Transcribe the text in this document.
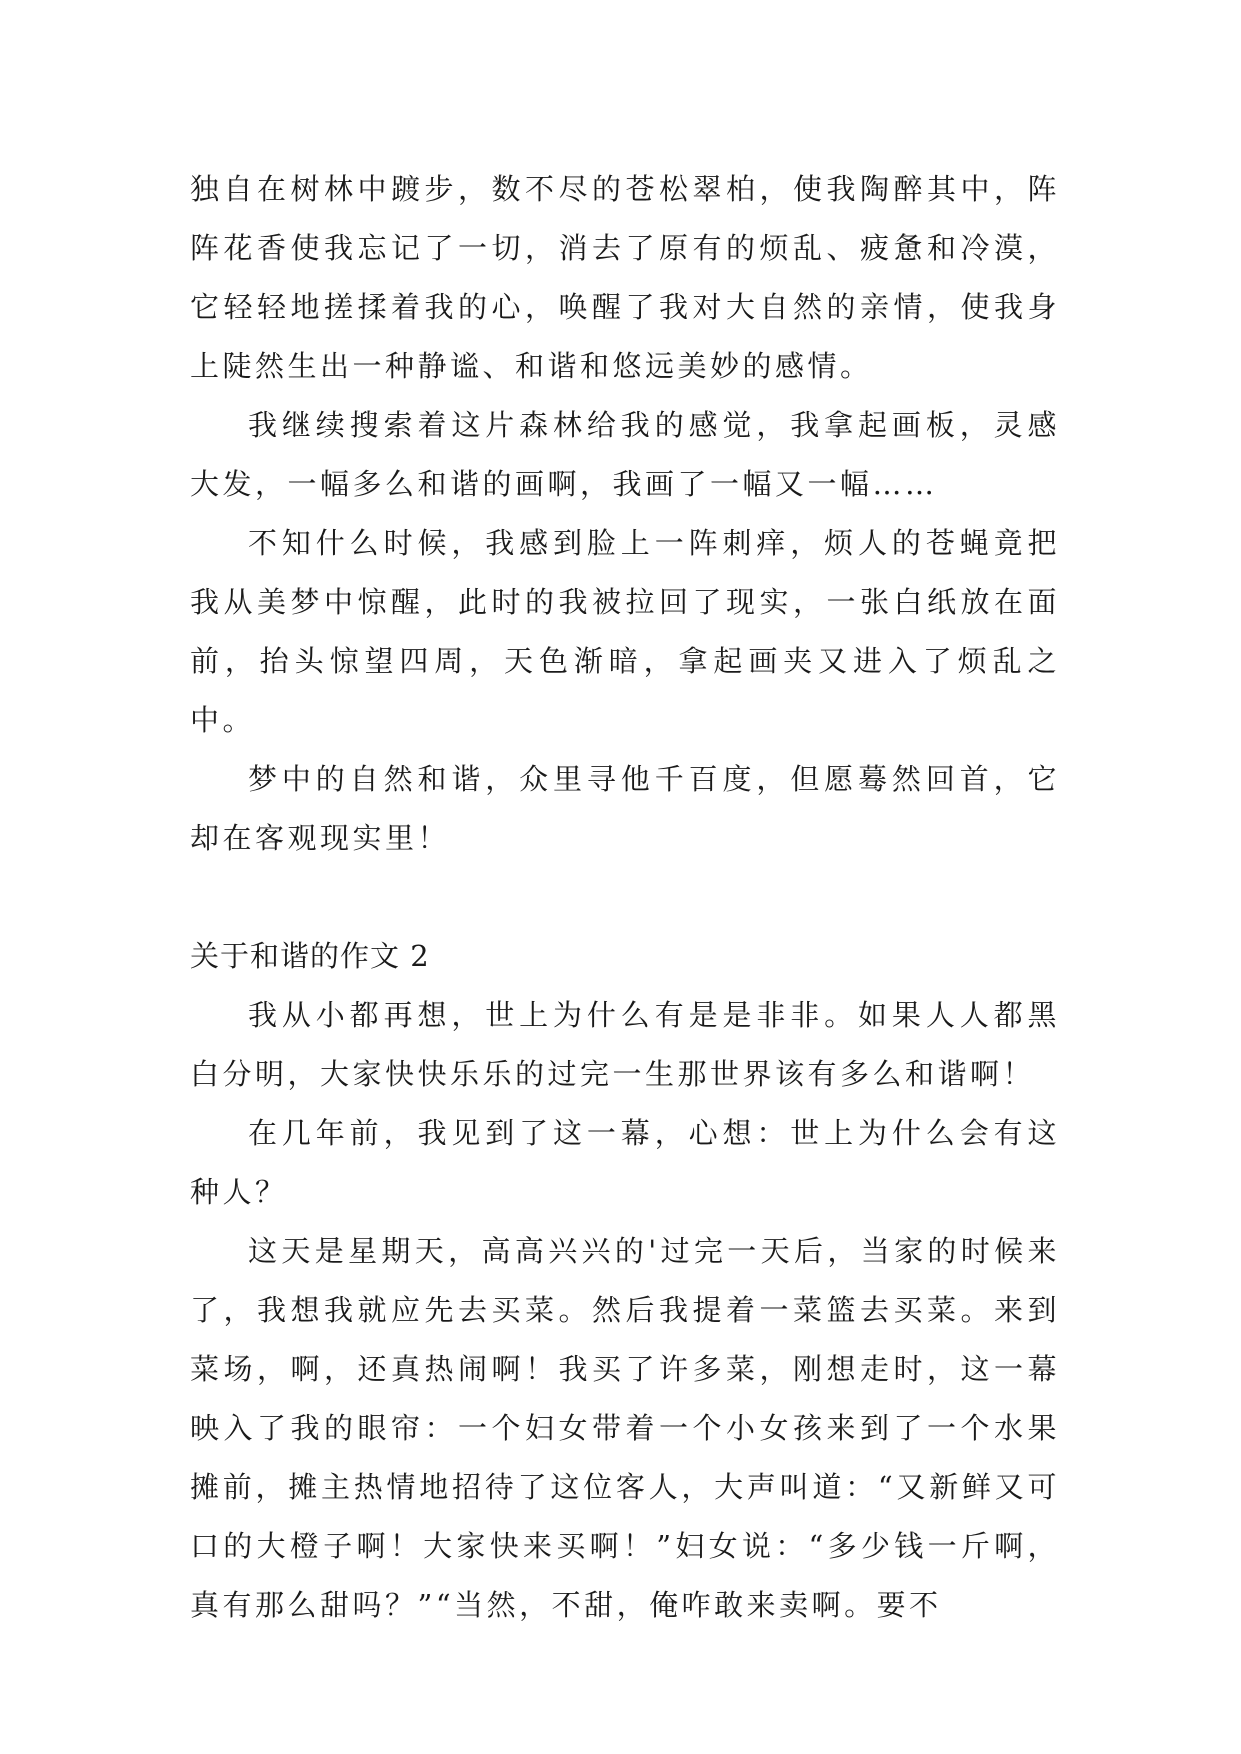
独自在树林中踱步，数不尽的苍松翠柏，使我陶醉其中，阵阵花香使我忘记了一切，消去了原有的烦乱、疲惫和冷漠，它轻轻地搓揉着我的心，唤醒了我对大自然的亲情，使我身上陡然生出一种静谧、和谐和悠远美妙的感情。

我继续搜索着这片森林给我的感觉，我拿起画板，灵感大发，一幅多么和谐的画啊，我画了一幅又一幅……

不知什么时候，我感到脸上一阵刺痒，烦人的苍蝇竟把我从美梦中惊醒，此时的我被拉回了现实，一张白纸放在面前，抬头惊望四周，天色渐暗，拿起画夹又进入了烦乱之中。

梦中的自然和谐，众里寻他千百度，但愿蓦然回首，它却在客观现实里！

关于和谐的作文 2

我从小都再想，世上为什么有是是非非。如果人人都黑白分明，大家快快乐乐的过完一生那世界该有多么和谐啊！

在几年前，我见到了这一幕，心想：世上为什么会有这种人？

这天是星期天，高高兴兴的'过完一天后，当家的时候来了，我想我就应先去买菜。然后我提着一菜篮去买菜。来到菜场，啊，还真热闹啊！我买了许多菜，刚想走时，这一幕映入了我的眼帘：一个妇女带着一个小女孩来到了一个水果摊前，摊主热情地招待了这位客人，大声叫道：“又新鲜又可口的大橙子啊！大家快来买啊！”妇女说：“多少钱一斤啊，真有那么甜吗？”“当然，不甜，俺咋敢来卖啊。要不
